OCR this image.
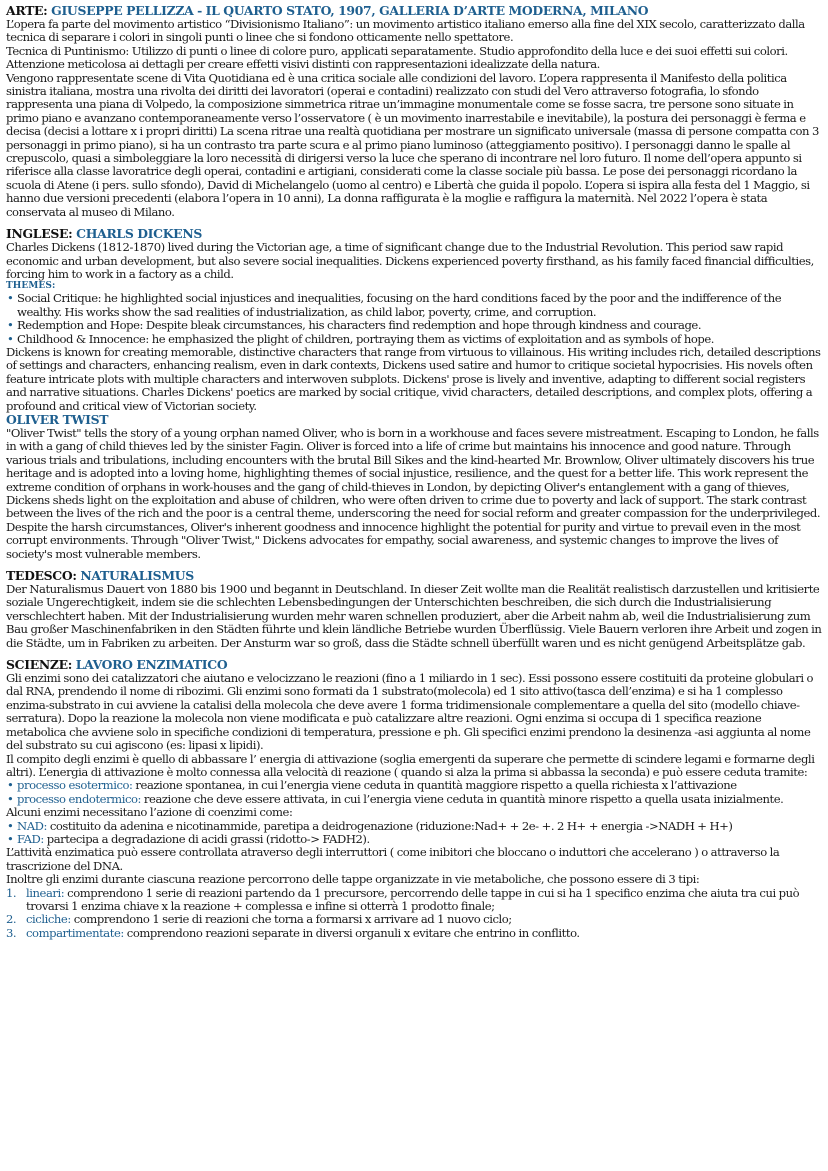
ARTE: GIUSEPPE PELLIZZA - IL QUARTO STATO, 1907, GALLERIA D’ARTE MODERNA, MILANO

L’opera fa parte del movimento artistico “Divisionismo Italiano”: un movimento artistico italiano emerso alla fine del XIX secolo, caratterizzato dalla tecnica di separare i colori in singoli punti o linee che si fondono otticamente nello spettatore.

Tecnica di Puntinismo: Utilizzo di punti o linee di colore puro, applicati separatamente. Studio approfondito della luce e dei suoi effetti sui colori. Attenzione meticolosa ai dettagli per creare effetti visivi distinti con rappresentazioni idealizzate della natura.

Vengono rappresentate scene di Vita Quotidiana ed è una critica sociale alle condizioni del lavoro. L’opera rappresenta il Manifesto della politica sinistra italiana, mostra una rivolta dei diritti dei lavoratori (operai e contadini) realizzato con studi del Vero attraverso fotografia, lo sfondo rappresenta una piana di Volpedo, la composizione simmetrica ritrae un’immagine monumentale come se fosse sacra, tre persone sono situate in primo piano e avanzano contemporaneamente verso l’osservatore ( è un movimento inarrestabile e inevitabile), la postura dei personaggi è ferma e decisa (decisi a lottare x i propri diritti) La scena ritrae una realtà quotidiana per mostrare un significato universale (massa di persone compatta con 3 personaggi in primo piano), si ha un contrasto tra parte scura e al primo piano luminoso (atteggiamento positivo). I personaggi danno le spalle al crepuscolo, quasi a simboleggiare la loro necessità di dirigersi verso la luce che sperano di incontrare nel loro futuro. Il nome dell’opera appunto si riferisce alla classe lavoratrice degli operai, contadini e artigiani, considerati come la classe sociale più bassa. Le pose dei personaggi ricordano la scuola di Atene (i pers. sullo sfondo), David di Michelangelo (uomo al centro) e Libertà che guida il popolo. L’opera si ispira alla festa del 1 Maggio, si hanno due versioni precedenti (elabora l’opera in 10 anni), La donna raffigurata è la moglie e raffigura la maternità. Nel 2022 l’opera è stata conservata al museo di Milano.

INGLESE: CHARLS DICKENS

Charles Dickens (1812-1870) lived during the Victorian age, a time of significant change due to the Industrial Revolution. This period saw rapid economic and urban development, but also severe social inequalities. Dickens experienced poverty firsthand, as his family faced financial difficulties, forcing him to work in a factory as a child.

THEMES:
• Social Critique: he highlighted social injustices and inequalities, focusing on the hard conditions faced by the poor and the indifference of the wealthy. His works show the sad realities of industrialization, as child labor, poverty, crime, and corruption.
• Redemption and Hope: Despite bleak circumstances, his characters find redemption and hope through kindness and courage.
• Childhood & Innocence: he emphasized the plight of children, portraying them as victims of exploitation and as symbols of hope.

Dickens is known for creating memorable, distinctive characters that range from virtuous to villainous. His writing includes rich, detailed descriptions of settings and characters, enhancing realism, even in dark contexts, Dickens used satire and humor to critique societal hypocrisies. His novels often feature intricate plots with multiple characters and interwoven subplots. Dickens' prose is lively and inventive, adapting to different social registers and narrative situations. Charles Dickens' poetics are marked by social critique, vivid characters, detailed descriptions, and complex plots, offering a profound and critical view of Victorian society.

OLIVER TWIST

"Oliver Twist" tells the story of a young orphan named Oliver, who is born in a workhouse and faces severe mistreatment. Escaping to London, he falls in with a gang of child thieves led by the sinister Fagin. Oliver is forced into a life of crime but maintains his innocence and good nature. Through various trials and tribulations, including encounters with the brutal Bill Sikes and the kind-hearted Mr. Brownlow, Oliver ultimately discovers his true heritage and is adopted into a loving home, highlighting themes of social injustice, resilience, and the quest for a better life. This work represent the extreme condition of orphans in work-houses and the gang of child-thieves in London, by depicting Oliver's entanglement with a gang of thieves, Dickens sheds light on the exploitation and abuse of children, who were often driven to crime due to poverty and lack of support. The stark contrast between the lives of the rich and the poor is a central theme, underscoring the need for social reform and greater compassion for the underprivileged. Despite the harsh circumstances, Oliver's inherent goodness and innocence highlight the potential for purity and virtue to prevail even in the most corrupt environments. Through "Oliver Twist," Dickens advocates for empathy, social awareness, and systemic changes to improve the lives of society's most vulnerable members.

TEDESCO: NATURALISMUS

Der Naturalismus Dauert von 1880 bis 1900 und begannt in Deutschland. In dieser Zeit wollte man die Realität realistisch darzustellen und kritisierte soziale Ungerechtigkeit, indem sie die schlechten Lebensbedingungen der Unterschichten beschreiben, die sich durch die Industrialisierung verschlechtert haben. Mit der Industrialisierung wurden mehr waren schnellen produziert, aber die Arbeit nahm ab, weil die Industrialisierung zum Bau großer Maschinenfabriken in den Städten führte und klein ländliche Betriebe wurden Überflüssig. Viele Bauern verloren ihre Arbeit und zogen in die Städte, um in Fabriken zu arbeiten. Der Ansturm war so groß, dass die Städte schnell überfüllt waren und es nicht genügend Arbeitsplätze gab.

SCIENZE: LAVORO ENZIMATICO

Gli enzimi sono dei catalizzatori che aiutano e velocizzano le reazioni (fino a 1 miliardo in 1 sec). Essi possono essere costituiti da proteine globulari o dal RNA, prendendo il nome di ribozimi. Gli enzimi sono formati da 1 substrato(molecola) ed 1 sito attivo(tasca dell’enzima) e si ha 1 complesso enzima-substrato in cui avviene la catalisi della molecola che deve avere 1 forma tridimensionale complementare a quella del sito (modello chiave-serratura). Dopo la reazione la molecola non viene modificata e può catalizzare altre reazioni. Ogni enzima si occupa di 1 specifica reazione metabolica che avviene solo in specifiche condizioni di temperatura, pressione e ph. Gli specifici enzimi prendono la desinenza -asi aggiunta al nome del substrato su cui agiscono (es: lipasi x lipidi).

Il compito degli enzimi è quello di abbassare l’ energia di attivazione (soglia emergenti da superare che permette di scindere legami e formarne degli altri). L’energia di attivazione è molto connessa alla velocità di reazione ( quando si alza la prima si abbassa la seconda) e può essere ceduta tramite:

• processo esotermico: reazione spontanea, in cui l’energia viene ceduta in quantità maggiore rispetto a quella richiesta x l’attivazione
• processo endotermico: reazione che deve essere attivata, in cui l’energia viene ceduta in quantità minore rispetto a quella usata inizialmente.

Alcuni enzimi necessitano l’azione di coenzimi come:

• NAD: costituito da adenina e nicotinammide, paretipa a deidrogenazione (riduzione:Nad+ + 2e- +. 2 H+ + energia ->NADH + H+)
• FAD: partecipa a degradazione di acidi grassi (ridotto-> FADH2).

L’attività enzimatica può essere controllata atraverso degli interruttori ( come inibitori che bloccano o induttori che accelerano ) o attraverso la trascrizione del DNA.

Inoltre gli enzimi durante ciascuna reazione percorrono delle tappe organizzate in vie metaboliche, che possono essere di 3 tipi:

1. lineari: comprendono 1 serie di reazioni partendo da 1 precursore, percorrendo delle tappe in cui si ha 1 specifico enzima che aiuta tra cui può trovarsi 1 enzima chiave x la reazione + complessa e infine si otterrà 1 prodotto finale;
2. cicliche: comprendono 1 serie di reazioni che torna a formarsi x arrivare ad 1 nuovo ciclo;
3. compartimentate: comprendono reazioni separate in diversi organuli x evitare che entrino in conflitto.
